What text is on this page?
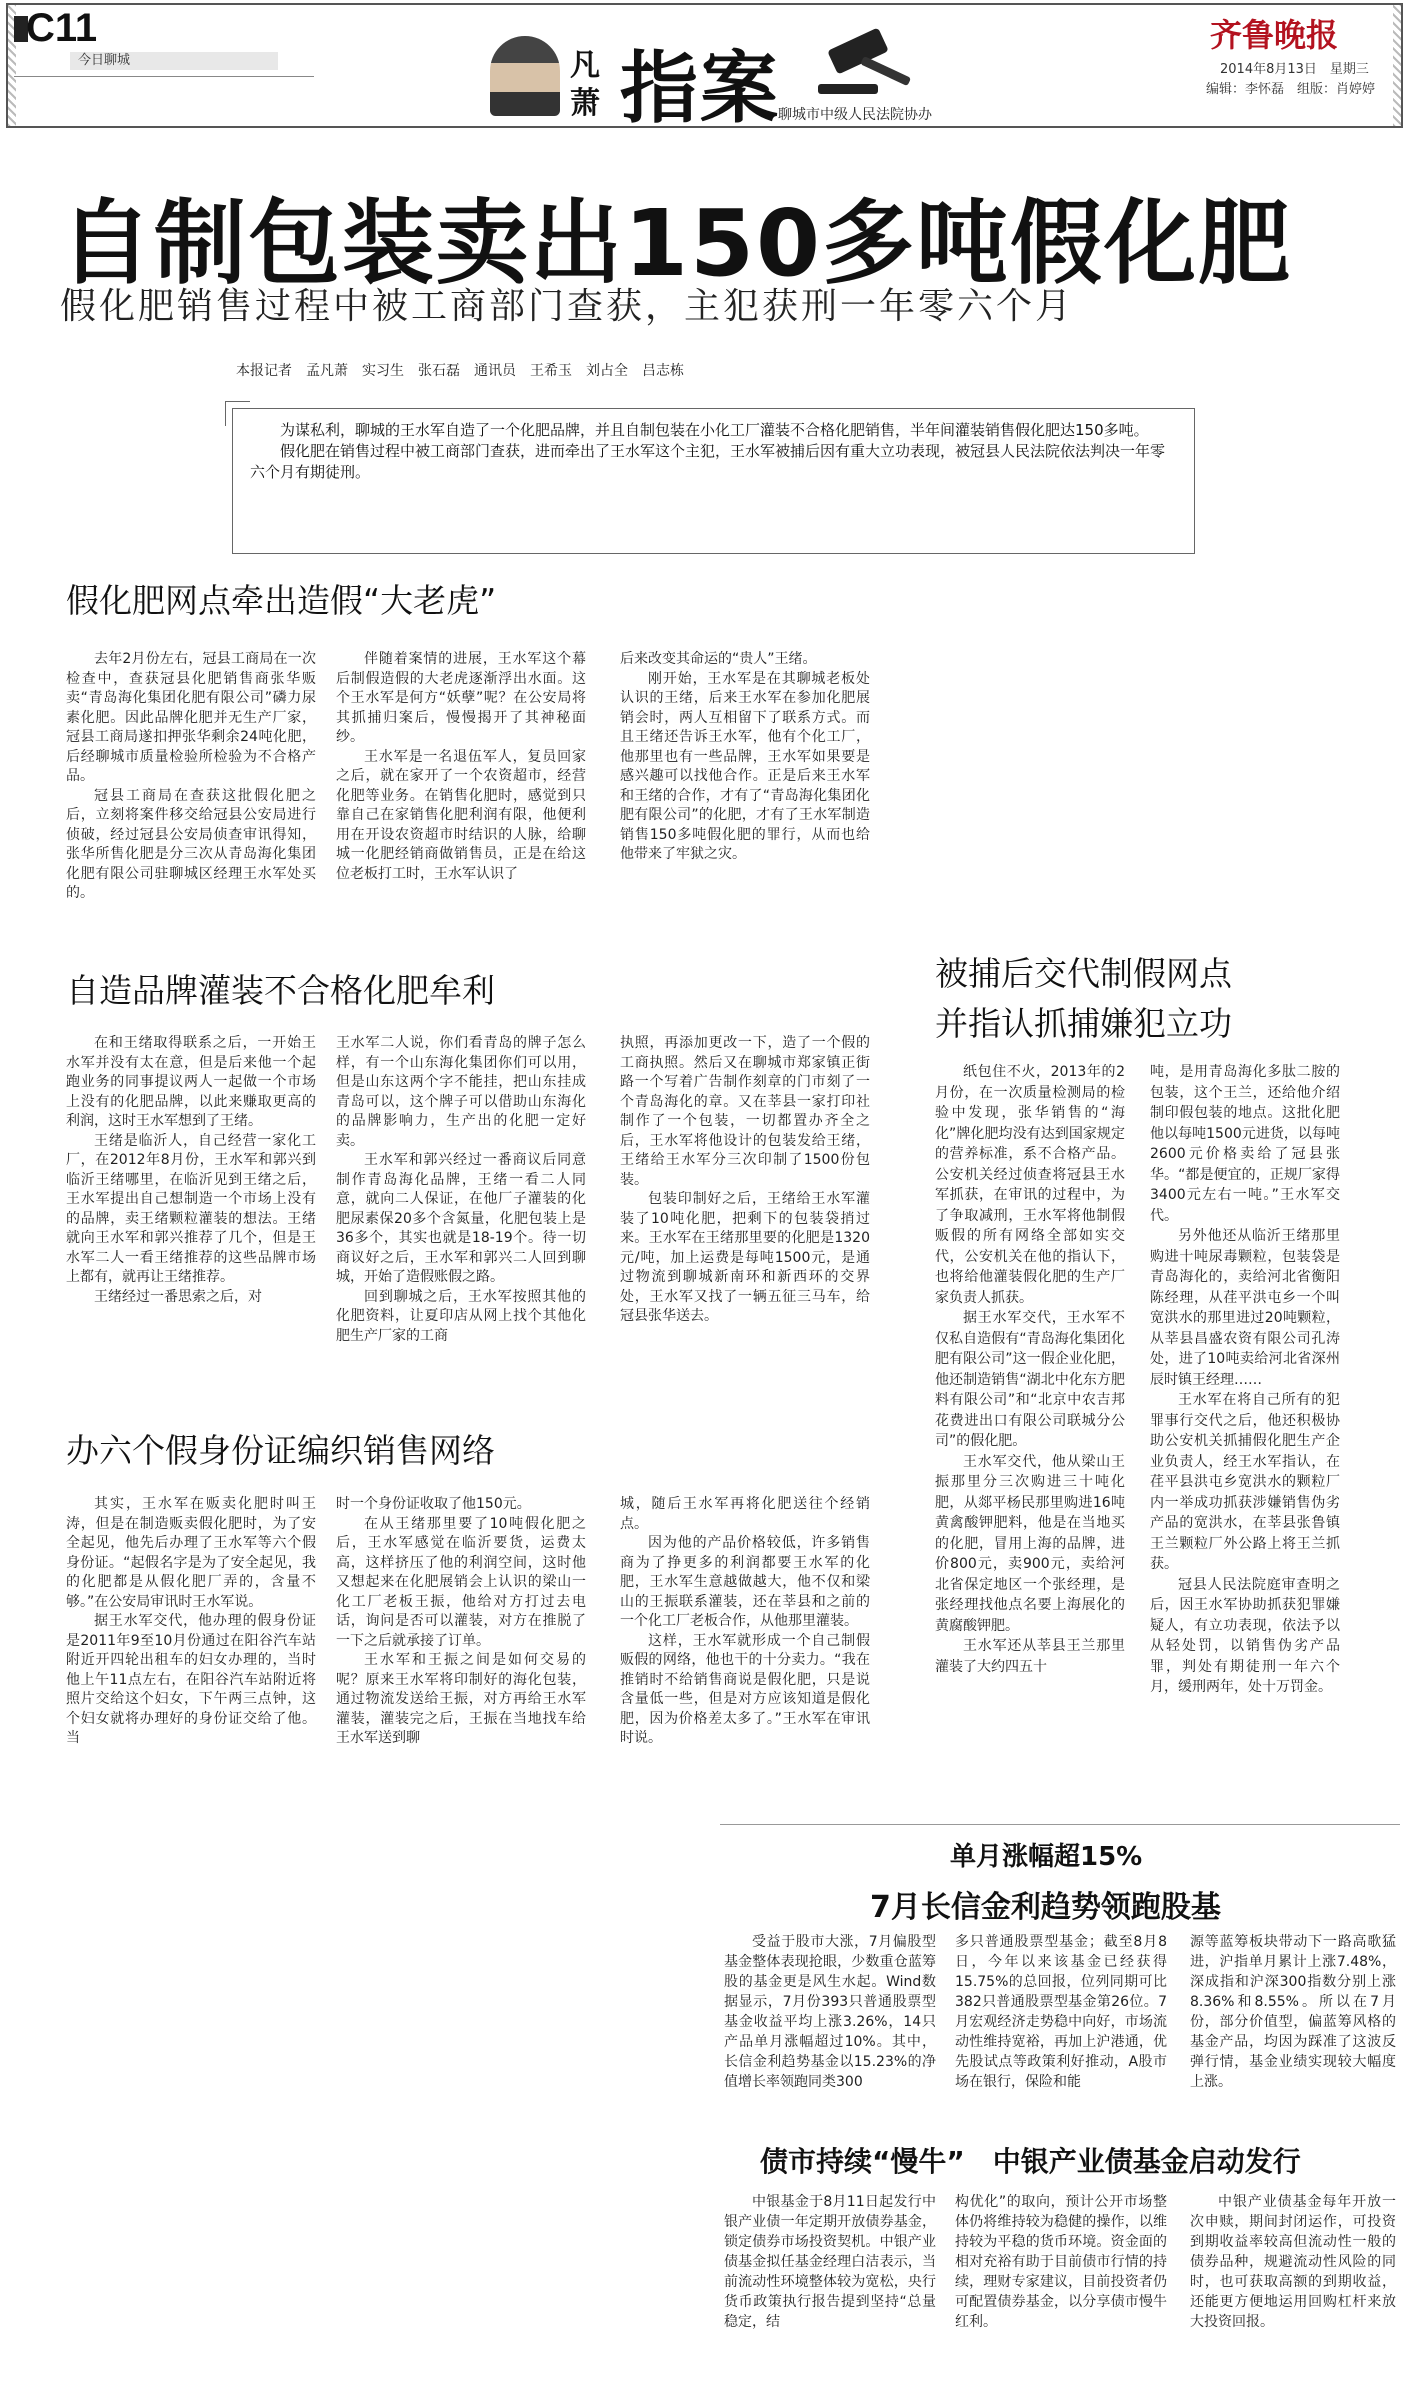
C11
今日聊城	凡
萧 指案
聊城市中级人民法院协办
齐鲁晚报
2014年8月13日　星期三
编辑：李怀磊　组版：肖婷婷
自制包装卖出150多吨假化肥
假化肥销售过程中被工商部门查获，主犯获刑一年零六个月
本报记者　孟凡萧　实习生　张石磊　通讯员　王希玉　刘占全　吕志栋

为谋私利，聊城的王水军自造了一个化肥品牌，并且自制包装在小化工厂灌装不合格化肥销售，半年间灌装销售假化肥达150多吨。

假化肥在销售过程中被工商部门查获，进而牵出了王水军这个主犯，王水军被捕后因有重大立功表现，被冠县人民法院依法判决一年零六个月有期徒刑。

假化肥网点牵出造假“大老虎”

去年2月份左右，冠县工商局在一次检查中，查获冠县化肥销售商张华贩卖“青岛海化集团化肥有限公司”磷力尿素化肥。因此品牌化肥并无生产厂家，冠县工商局遂扣押张华剩余24吨化肥，后经聊城市质量检验所检验为不合格产品。

冠县工商局在查获这批假化肥之后，立刻将案件移交给冠县公安局进行侦破，经过冠县公安局侦查审讯得知，张华所售化肥是分三次从青岛海化集团化肥有限公司驻聊城区经理王水军处买的。

伴随着案情的进展，王水军这个幕后制假造假的大老虎逐渐浮出水面。这个王水军是何方“妖孽”呢？在公安局将其抓捕归案后，慢慢揭开了其神秘面纱。

王水军是一名退伍军人，复员回家之后，就在家开了一个农资超市，经营化肥等业务。在销售化肥时，感觉到只靠自己在家销售化肥利润有限，他便利用在开设农资超市时结识的人脉，给聊城一化肥经销商做销售员，正是在给这位老板打工时，王水军认识了

后来改变其命运的“贵人”王绪。

刚开始，王水军是在其聊城老板处认识的王绪，后来王水军在参加化肥展销会时，两人互相留下了联系方式。而且王绪还告诉王水军，他有个化工厂，他那里也有一些品牌，王水军如果要是感兴趣可以找他合作。正是后来王水军和王绪的合作，才有了“青岛海化集团化肥有限公司”的化肥，才有了王水军制造销售150多吨假化肥的罪行，从而也给他带来了牢狱之灾。

自造品牌灌装不合格化肥牟利

在和王绪取得联系之后，一开始王水军并没有太在意，但是后来他一个起跑业务的同事提议两人一起做一个市场上没有的化肥品牌，以此来赚取更高的利润，这时王水军想到了王绪。

王绪是临沂人，自己经营一家化工厂，在2012年8月份，王水军和郭兴到临沂王绪哪里，在临沂见到王绪之后，王水军提出自己想制造一个市场上没有的品牌，卖王绪颗粒灌装的想法。王绪就向王水军和郭兴推荐了几个，但是王水军二人一看王绪推荐的这些品牌市场上都有，就再让王绪推荐。

王绪经过一番思索之后，对

王水军二人说，你们看青岛的牌子怎么样，有一个山东海化集团你们可以用，但是山东这两个字不能挂，把山东挂成青岛可以，这个牌子可以借助山东海化的品牌影响力，生产出的化肥一定好卖。

王水军和郭兴经过一番商议后同意制作青岛海化品牌，王绪一看二人同意，就向二人保证，在他厂子灌装的化肥尿素保20多个含氮量，化肥包装上是36多个，其实也就是18-19个。待一切商议好之后，王水军和郭兴二人回到聊城，开始了造假账假之路。

回到聊城之后，王水军按照其他的化肥资料，让夏印店从网上找个其他化肥生产厂家的工商

执照，再添加更改一下，造了一个假的工商执照。然后又在聊城市郑家镇正街路一个写着广告制作刻章的门市刻了一个青岛海化的章。又在莘县一家打印社制作了一个包装，一切都置办齐全之后，王水军将他设计的包装发给王绪，王绪给王水军分三次印制了1500份包装。

包装印制好之后，王绪给王水军灌装了10吨化肥，把剩下的包装袋捎过来。王水军在王绪那里要的化肥是1320元/吨，加上运费是每吨1500元，是通过物流到聊城新南环和新西环的交界处，王水军又找了一辆五征三马车，给冠县张华送去。

办六个假身份证编织销售网络

其实，王水军在贩卖化肥时叫王涛，但是在制造贩卖假化肥时，为了安全起见，他先后办理了王水军等六个假身份证。“起假名字是为了安全起见，我的化肥都是从假化肥厂弄的，含量不够。”在公安局审讯时王水军说。

据王水军交代，他办理的假身份证是2011年9至10月份通过在阳谷汽车站附近开四轮出租车的妇女办理的，当时他上午11点左右，在阳谷汽车站附近将照片交给这个妇女，下午两三点钟，这个妇女就将办理好的身份证交给了他。当

时一个身份证收取了他150元。

在从王绪那里要了10吨假化肥之后，王水军感觉在临沂要货，运费太高，这样挤压了他的利润空间，这时他又想起来在化肥展销会上认识的梁山一化工厂老板王振，他给对方打过去电话，询问是否可以灌装，对方在推脱了一下之后就承接了订单。

王水军和王振之间是如何交易的呢？原来王水军将印制好的海化包装，通过物流发送给王振，对方再给王水军灌装，灌装完之后，王振在当地找车给王水军送到聊

城，随后王水军再将化肥送往个经销点。

因为他的产品价格较低，许多销售商为了挣更多的利润都要王水军的化肥，王水军生意越做越大，他不仅和梁山的王振联系灌装，还在莘县和之前的一个化工厂老板合作，从他那里灌装。

这样，王水军就形成一个自己制假贩假的网络，他也干的十分卖力。“我在推销时不给销售商说是假化肥，只是说含量低一些，但是对方应该知道是假化肥，因为价格差太多了。”王水军在审讯时说。

被捕后交代制假网点
并指认抓捕嫌犯立功

纸包住不火，2013年的2月份，在一次质量检测局的检验中发现，张华销售的“海化”牌化肥均没有达到国家规定的营养标准，系不合格产品。公安机关经过侦查将冠县王水军抓获，在审讯的过程中，为了争取减刑，王水军将他制假贩假的所有网络全部如实交代，公安机关在他的指认下，也将给他灌装假化肥的生产厂家负责人抓获。

据王水军交代，王水军不仅私自造假有“青岛海化集团化肥有限公司”这一假企业化肥，他还制造销售“湖北中化东方肥料有限公司”和“北京中农吉邦花费进出口有限公司联城分公司”的假化肥。

王水军交代，他从梁山王振那里分三次购进三十吨化肥，从郯平杨民那里购进16吨黄禽酸钾肥料，他是在当地买的化肥，冒用上海的品牌，进价800元，卖900元，卖给河北省保定地区一个张经理，是张经理找他点名要上海展化的黄腐酸钾肥。

王水军还从莘县王兰那里灌装了大约四五十

吨，是用青岛海化多肽二胺的包装，这个王兰，还给他介绍制印假包装的地点。这批化肥他以每吨1500元进货，以每吨2600元价格卖给了冠县张华。“都是便宜的，正规厂家得3400元左右一吨。”王水军交代。

另外他还从临沂王绪那里购进十吨尿毒颗粒，包装袋是青岛海化的，卖给河北省衡阳陈经理，从荏平洪屯乡一个叫宽洪水的那里进过20吨颗粒，从莘县昌盛农资有限公司孔涛处，进了10吨卖给河北省深州辰时镇王经理……

王水军在将自己所有的犯罪事行交代之后，他还积极协助公安机关抓捕假化肥生产企业负责人，经王水军指认，在荏平县洪屯乡宽洪水的颗粒厂内一举成功抓获涉嫌销售伪劣产品的宽洪水，在莘县张鲁镇王兰颗粒厂外公路上将王兰抓获。

冠县人民法院庭审查明之后，因王水军协助抓获犯罪嫌疑人，有立功表现，依法予以从轻处罚，以销售伪劣产品罪，判处有期徒刑一年六个月，缓刑两年，处十万罚金。

单月涨幅超15%
7月长信金利趋势领跑股基

受益于股市大涨，7月偏股型基金整体表现抢眼，少数重仓蓝筹股的基金更是风生水起。Wind数据显示，7月份393只普通股票型基金收益平均上涨3.26%，14只产品单月涨幅超过10%。其中，长信金利趋势基金以15.23%的净值增长率领跑同类300

多只普通股票型基金；截至8月8日，今年以来该基金已经获得15.75%的总回报，位列同期可比382只普通股票型基金第26位。7月宏观经济走势稳中向好，市场流动性维持宽裕，再加上沪港通，优先股试点等政策利好推动，A股市场在银行，保险和能

源等蓝筹板块带动下一路高歌猛进，沪指单月累计上涨7.48%，深成指和沪深300指数分别上涨8.36%和8.55%。所以在7月份，部分价值型，偏蓝筹风格的基金产品，均因为踩准了这波反弹行情，基金业绩实现较大幅度上涨。

债市持续“慢牛”　中银产业债基金启动发行

中银基金于8月11日起发行中银产业债一年定期开放债券基金，锁定债券市场投资契机。中银产业债基金拟任基金经理白洁表示，当前流动性环境整体较为宽松，央行货币政策执行报告提到坚持“总量稳定，结

构优化”的取向，预计公开市场整体仍将维持较为稳健的操作，以维持较为平稳的货币环境。资金面的相对充裕有助于目前债市行情的持续，理财专家建议，目前投资者仍可配置债券基金，以分享债市慢牛红利。

中银产业债基金每年开放一次申赎，期间封闭运作，可投资到期收益率较高但流动性一般的债券品种，规避流动性风险的同时，也可获取高额的到期收益，还能更方便地运用回购杠杆来放大投资回报。
